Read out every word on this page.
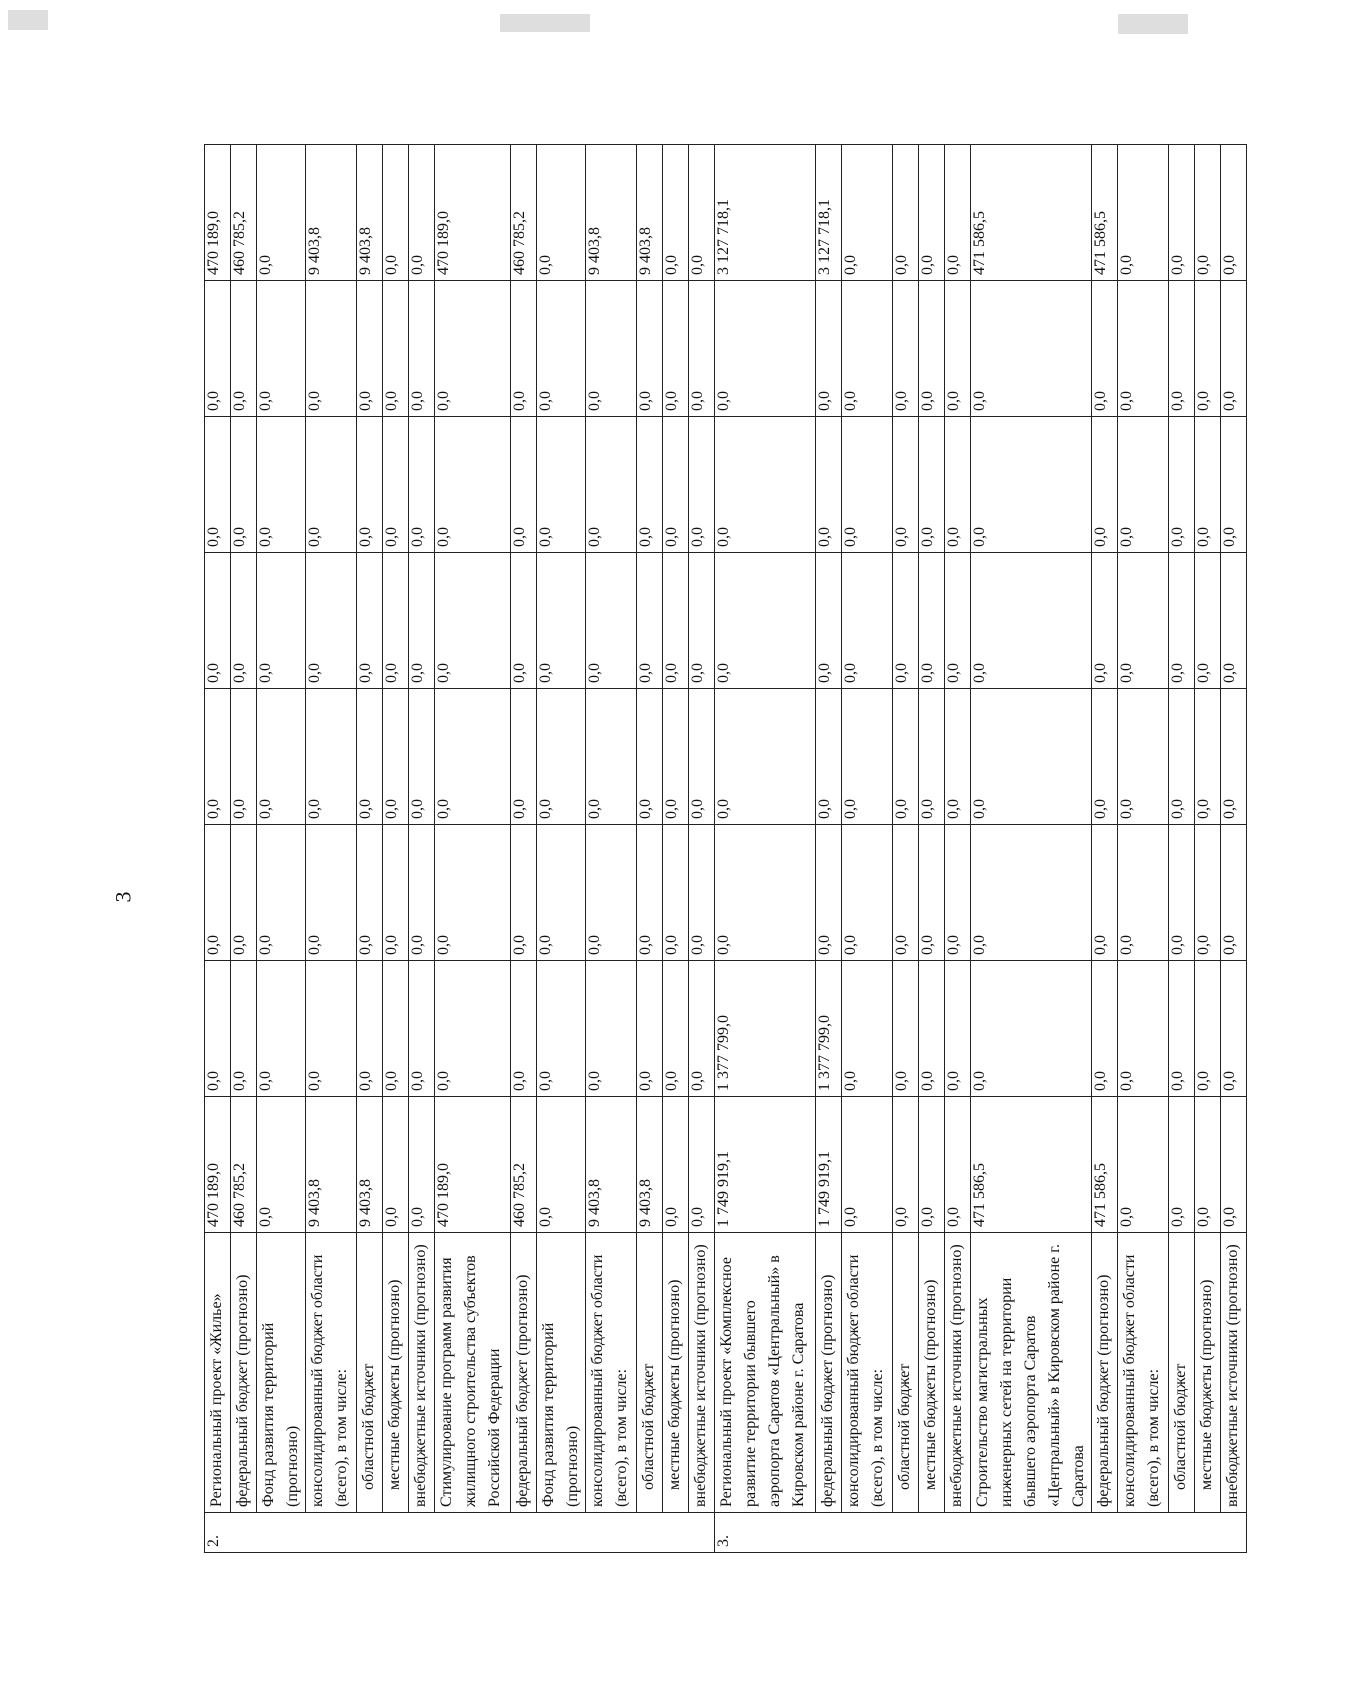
3
2.	Региональный проект «Жилье»	470 189,0	0,0	0,0	0,0	0,0	0,0	0,0	470 189,0
	федеральный бюджет (прогнозно)	460 785,2	0,0	0,0	0,0	0,0	0,0	0,0	460 785,2
	Фонд развития территорий (прогнозно)	0,0	0,0	0,0	0,0	0,0	0,0	0,0	0,0
	консолидированный бюджет области (всего), в том числе:	9 403,8	0,0	0,0	0,0	0,0	0,0	0,0	9 403,8
	областной бюджет	9 403,8	0,0	0,0	0,0	0,0	0,0	0,0	9 403,8
	местные бюджеты (прогнозно)	0,0	0,0	0,0	0,0	0,0	0,0	0,0	0,0
	внебюджетные источники (прогнозно)	0,0	0,0	0,0	0,0	0,0	0,0	0,0	0,0
	Стимулирование программ развития жилищного строительства субъектов Российской Федерации	470 189,0	0,0	0,0	0,0	0,0	0,0	0,0	470 189,0
	федеральный бюджет (прогнозно)	460 785,2	0,0	0,0	0,0	0,0	0,0	0,0	460 785,2
	Фонд развития территорий (прогнозно)	0,0	0,0	0,0	0,0	0,0	0,0	0,0	0,0
	консолидированный бюджет области (всего), в том числе:	9 403,8	0,0	0,0	0,0	0,0	0,0	0,0	9 403,8
	областной бюджет	9 403,8	0,0	0,0	0,0	0,0	0,0	0,0	9 403,8
	местные бюджеты (прогнозно)	0,0	0,0	0,0	0,0	0,0	0,0	0,0	0,0
	внебюджетные источники (прогнозно)	0,0	0,0	0,0	0,0	0,0	0,0	0,0	0,0
3.	Региональный проект «Комплексное развитие территории бывшего аэропорта Саратов «Центральный» в Кировском районе г. Саратова	1 749 919,1	1 377 799,0	0,0	0,0	0,0	0,0	0,0	3 127 718,1
	федеральный бюджет (прогнозно)	1 749 919,1	1 377 799,0	0,0	0,0	0,0	0,0	0,0	3 127 718,1
	консолидированный бюджет области (всего), в том числе:	0,0	0,0	0,0	0,0	0,0	0,0	0,0	0,0
	областной бюджет	0,0	0,0	0,0	0,0	0,0	0,0	0,0	0,0
	местные бюджеты (прогнозно)	0,0	0,0	0,0	0,0	0,0	0,0	0,0	0,0
	внебюджетные источники (прогнозно)	0,0	0,0	0,0	0,0	0,0	0,0	0,0	0,0
	Строительство магистральных инженерных сетей на территории бывшего аэропорта Саратов «Центральный» в Кировском районе г. Саратова	471 586,5	0,0	0,0	0,0	0,0	0,0	0,0	471 586,5
	федеральный бюджет (прогнозно)	471 586,5	0,0	0,0	0,0	0,0	0,0	0,0	471 586,5
	консолидированный бюджет области (всего), в том числе:	0,0	0,0	0,0	0,0	0,0	0,0	0,0	0,0
	областной бюджет	0,0	0,0	0,0	0,0	0,0	0,0	0,0	0,0
	местные бюджеты (прогнозно)	0,0	0,0	0,0	0,0	0,0	0,0	0,0	0,0
	внебюджетные источники (прогнозно)	0,0	0,0	0,0	0,0	0,0	0,0	0,0	0,0
